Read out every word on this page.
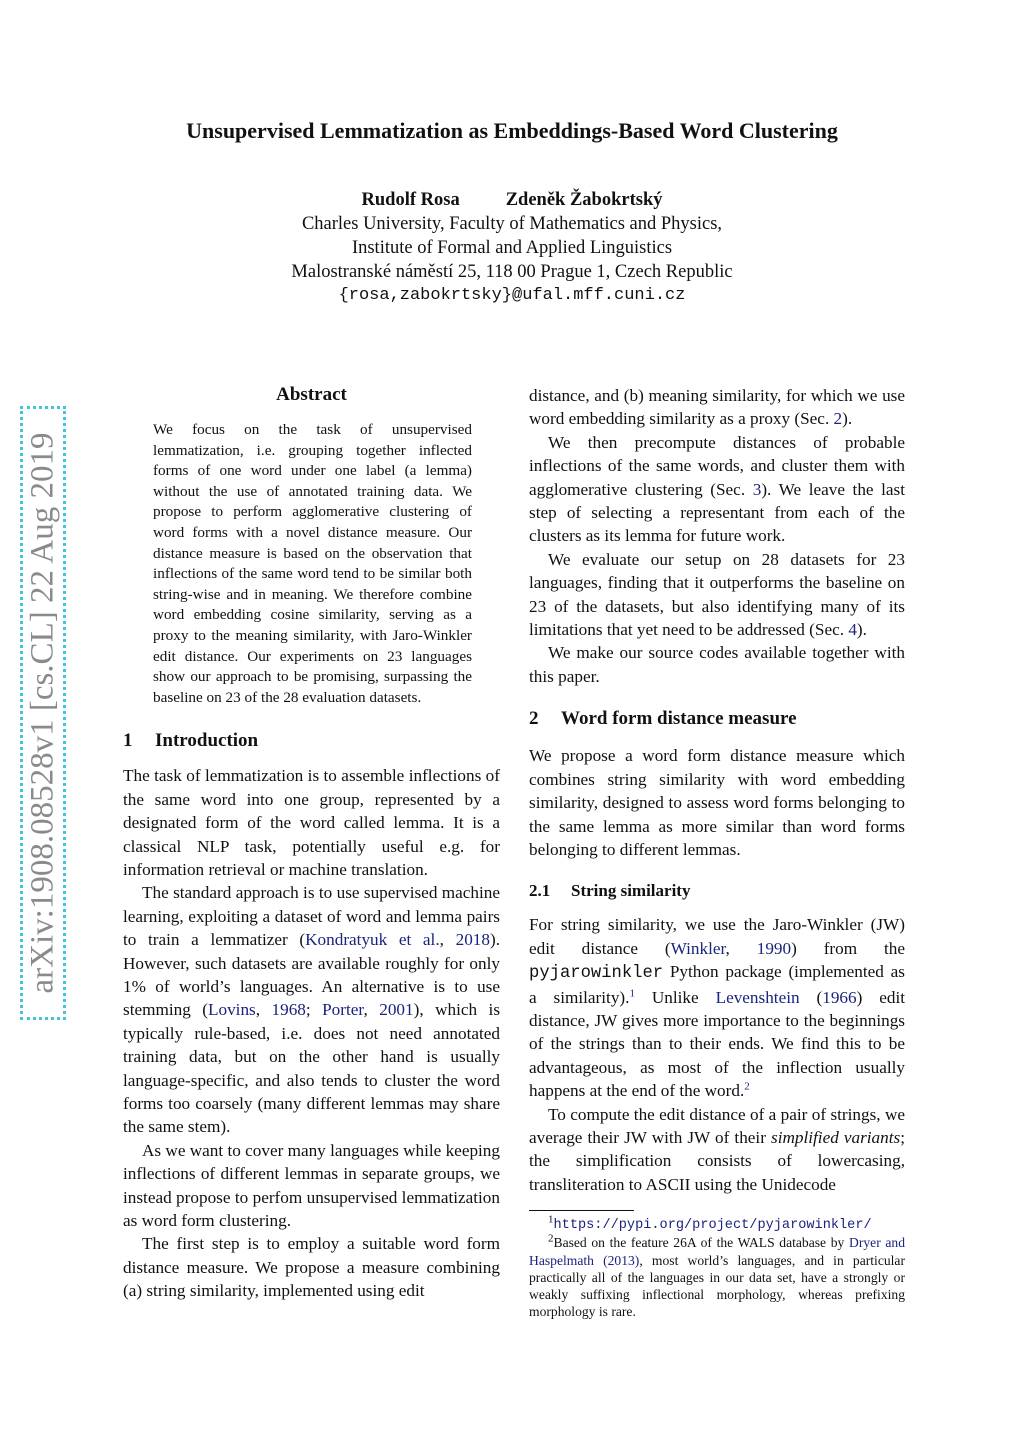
Unsupervised Lemmatization as Embeddings-Based Word Clustering
Rudolf Rosa Zdeněk Žabokrtský
Charles University, Faculty of Mathematics and Physics,
Institute of Formal and Applied Linguistics
Malostranské náměstí 25, 118 00 Prague 1, Czech Republic
{rosa,zabokrtsky}@ufal.mff.cuni.cz
arXiv:1908.08528v1 [cs.CL] 22 Aug 2019
Abstract

We focus on the task of unsupervised lemmatization, i.e. grouping together inflected forms of one word under one label (a lemma) without the use of annotated training data. We propose to perform agglomerative clustering of word forms with a novel distance measure. Our distance measure is based on the observation that inflections of the same word tend to be similar both string-wise and in meaning. We therefore combine word embedding cosine similarity, serving as a proxy to the meaning similarity, with Jaro-Winkler edit distance. Our experiments on 23 languages show our approach to be promising, surpassing the baseline on 23 of the 28 evaluation datasets.

1 Introduction

The task of lemmatization is to assemble inflections of the same word into one group, represented by a designated form of the word called lemma. It is a classical NLP task, potentially useful e.g. for information retrieval or machine translation.

The standard approach is to use supervised machine learning, exploiting a dataset of word and lemma pairs to train a lemmatizer (Kondratyuk et al., 2018). However, such datasets are available roughly for only 1% of world’s languages. An alternative is to use stemming (Lovins, 1968; Porter, 2001), which is typically rule-based, i.e. does not need annotated training data, but on the other hand is usually language-specific, and also tends to cluster the word forms too coarsely (many different lemmas may share the same stem).

As we want to cover many languages while keeping inflections of different lemmas in separate groups, we instead propose to perfom unsupervised lemmatization as word form clustering.

The first step is to employ a suitable word form distance measure. We propose a measure combining (a) string similarity, implemented using edit

distance, and (b) meaning similarity, for which we use word embedding similarity as a proxy (Sec. 2).

We then precompute distances of probable inflections of the same words, and cluster them with agglomerative clustering (Sec. 3). We leave the last step of selecting a representant from each of the clusters as its lemma for future work.

We evaluate our setup on 28 datasets for 23 languages, finding that it outperforms the baseline on 23 of the datasets, but also identifying many of its limitations that yet need to be addressed (Sec. 4).

We make our source codes available together with this paper.

2 Word form distance measure

We propose a word form distance measure which combines string similarity with word embedding similarity, designed to assess word forms belonging to the same lemma as more similar than word forms belonging to different lemmas.

2.1 String similarity

For string similarity, we use the Jaro-Winkler (JW) edit distance (Winkler, 1990) from the pyjarowinkler Python package (implemented as a similarity).$^1$ Unlike Levenshtein (1966) edit distance, JW gives more importance to the beginnings of the strings than to their ends. We find this to be advantageous, as most of the inflection usually happens at the end of the word.$^2$

To compute the edit distance of a pair of strings, we average their JW with JW of their simplified variants; the simplification consists of lowercasing, transliteration to ASCII using the Unidecode

$^1$https://pypi.org/project/pyjarowinkler/

$^2$Based on the feature 26A of the WALS database by Dryer and Haspelmath (2013), most world’s languages, and in particular practically all of the languages in our data set, have a strongly or weakly suffixing inflectional morphology, whereas prefixing morphology is rare.
